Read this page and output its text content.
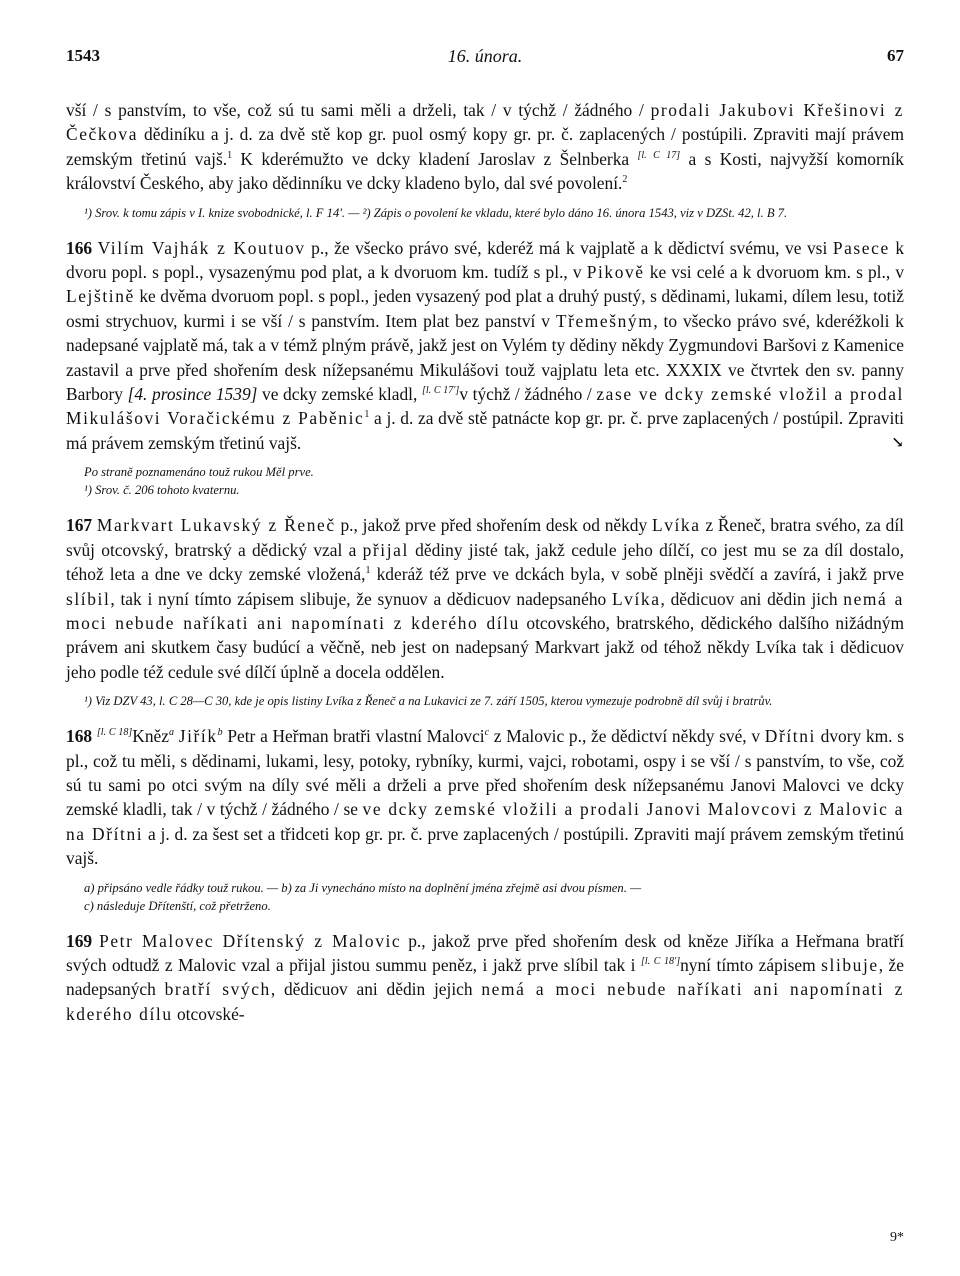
1543	16. února.	67

vší / s panstvím, to vše, což sú tu sami měli a drželi, tak / v týchž / žádného / prodali Jakubovi Křešinovi z Čečkova dědiníku a j. d. za dvě stě kop gr. puol osmý kopy gr. pr. č. zaplacených / postúpili. Zpraviti mají právem zemským třetinú vajš.$^1$ K kderémužto ve dcky kladení Jaroslav z Šelnberka [l. C 17] a s Kosti, najvyžší komorník království Českého, aby jako dědinníku ve dcky kladeno bylo, dal své povolení.$^2$

¹) Srov. k tomu zápis v I. knize svobodnické, l. F 14'. — ²) Zápis o povolení ke vkladu, které bylo dáno 16. února 1543, viz v DZSt. 42, l. B 7.

166 Vilím Vajhák z Koutuov p., že všecko právo své, kderéž má k vajplatě a k dědictví svému, ve vsi Pasece k dvoru popl. s popl., vysazenýmu pod plat, a k dvoruom km. tudíž s pl., v Pikově ke vsi celé a k dvoruom km. s pl., v Lejštině ke dvěma dvoruom popl. s popl., jeden vysazený pod plat a druhý pustý, s dědinami, lukami, dílem lesu, totiž osmi strychuov, kurmi i se vší / s panstvím. Item plat bez panství v Třemešným, to všecko právo své, kderéžkoli k nadepsané vajplatě má, tak a v témž plným právě, jakž jest on Vylém ty dědiny někdy Zygmundovi Baršovi z Kamenice zastavil a prve před shořením desk nížepsanému Mikulášovi touž vajplatu leta etc. XXXIX ve čtvrtek den sv. panny Barbory [4. prosince 1539] ve dcky zemské kladl, [l. C 17']v týchž / žádného / zase ve dcky zemské vložil a prodal Mikulášovi Voračickému z Paběnic$^1$ a j. d. za dvě stě patnácte kop gr. pr. č. prve zaplacených / postúpil. Zpraviti má právem zemským třetinú vajš.	↘

Po straně poznamenáno touž rukou Měl prve.

¹) Srov. č. 206 tohoto kvaternu.

167 Markvart Lukavský z Řeneč p., jakož prve před shořením desk od někdy Lvíka z Řeneč, bratra svého, za díl svůj otcovský, bratrský a dědický vzal a přijal dědiny jisté tak, jakž cedule jeho dílčí, co jest mu se za díl dostalo, téhož leta a dne ve dcky zemské vložená,$^1$ kderáž též prve ve dckách byla, v sobě plněji svědčí a zavírá, i jakž prve slíbil, tak i nyní tímto zápisem slibuje, že synuov a dědicuov nadepsaného Lvíka, dědicuov ani dědin jich nemá a moci nebude naříkati ani napomínati z kderého dílu otcovského, bratrského, dědického dalšího nižádným právem ani skutkem časy budúcí a věčně, neb jest on nadepsaný Markvart jakž od téhož někdy Lvíka tak i dědicuov jeho podle též cedule své dílčí úplně a docela oddělen.

¹) Viz DZV 43, l. C 28—C 30, kde je opis listiny Lvíka z Řeneč a na Lukavici ze 7. září 1505, kterou vymezuje podrobně díl svůj i bratrův.

168 [l. C 18]Kněz$^a$ Jiřík$^b$ Petr a Heřman bratři vlastní Malovci$^c$ z Malovic p., že dědictví někdy své, v Dřítni dvory km. s pl., což tu měli, s dědinami, lukami, lesy, potoky, rybníky, kurmi, vajci, robotami, ospy i se vší / s panstvím, to vše, což sú tu sami po otci svým na díly své měli a drželi a prve před shořením desk nížepsanému Janovi Malovci ve dcky zemské kladli, tak / v týchž / žádného / se ve dcky zemské vložili a prodali Janovi Malovcovi z Malovic a na Dřítni a j. d. za šest set a třidceti kop gr. pr. č. prve zaplacených / postúpili. Zpraviti mají právem zemským třetinú vajš.

a) připsáno vedle řádky touž rukou. — b) za Ji vynecháno místo na doplnění jména zřejmě asi dvou písmen. —

c) následuje Dřítenští, což přetrženo.

169 Petr Malovec Dřítenský z Malovic p., jakož prve před shořením desk od kněze Jiříka a Heřmana bratří svých odtudž z Malovic vzal a přijal jistou summu peněz, i jakž prve slíbil tak i [l. C 18']nyní tímto zápisem slibuje, že nadepsaných bratří svých, dědicuov ani dědin jejich nemá a moci nebude naříkati ani napomínati z kderého dílu otcovské-

9*
